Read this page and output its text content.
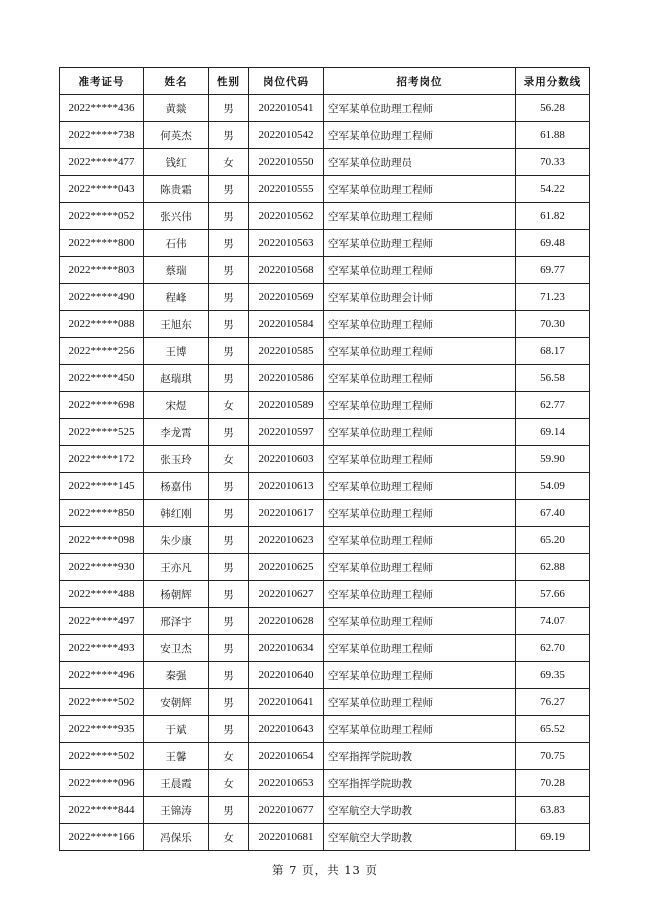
准考证号	姓名	性别	岗位代码	招考岗位	录用分数线
2022*****436	黄燚	男	2022010541	空军某单位助理工程师	56.28
2022*****738	何英杰	男	2022010542	空军某单位助理工程师	61.88
2022*****477	钱红	女	2022010550	空军某单位助理员	70.33
2022*****043	陈贵霜	男	2022010555	空军某单位助理工程师	54.22
2022*****052	张兴伟	男	2022010562	空军某单位助理工程师	61.82
2022*****800	石伟	男	2022010563	空军某单位助理工程师	69.48
2022*****803	蔡瑞	男	2022010568	空军某单位助理工程师	69.77
2022*****490	程峰	男	2022010569	空军某单位助理会计师	71.23
2022*****088	王旭东	男	2022010584	空军某单位助理工程师	70.30
2022*****256	王博	男	2022010585	空军某单位助理工程师	68.17
2022*****450	赵瑞琪	男	2022010586	空军某单位助理工程师	56.58
2022*****698	宋煜	女	2022010589	空军某单位助理工程师	62.77
2022*****525	李龙霄	男	2022010597	空军某单位助理工程师	69.14
2022*****172	张玉玲	女	2022010603	空军某单位助理工程师	59.90
2022*****145	杨嘉伟	男	2022010613	空军某单位助理工程师	54.09
2022*****850	韩红刚	男	2022010617	空军某单位助理工程师	67.40
2022*****098	朱少康	男	2022010623	空军某单位助理工程师	65.20
2022*****930	王亦凡	男	2022010625	空军某单位助理工程师	62.88
2022*****488	杨朝辉	男	2022010627	空军某单位助理工程师	57.66
2022*****497	邢泽宇	男	2022010628	空军某单位助理工程师	74.07
2022*****493	安卫杰	男	2022010634	空军某单位助理工程师	62.70
2022*****496	秦强	男	2022010640	空军某单位助理工程师	69.35
2022*****502	安朝辉	男	2022010641	空军某单位助理工程师	76.27
2022*****935	于斌	男	2022010643	空军某单位助理工程师	65.52
2022*****502	王馨	女	2022010654	空军指挥学院助教	70.75
2022*****096	王晨霞	女	2022010653	空军指挥学院助教	70.28
2022*****844	王锦涛	男	2022010677	空军航空大学助教	63.83
2022*****166	冯保乐	女	2022010681	空军航空大学助教	69.19
第 7 页，共 13 页
